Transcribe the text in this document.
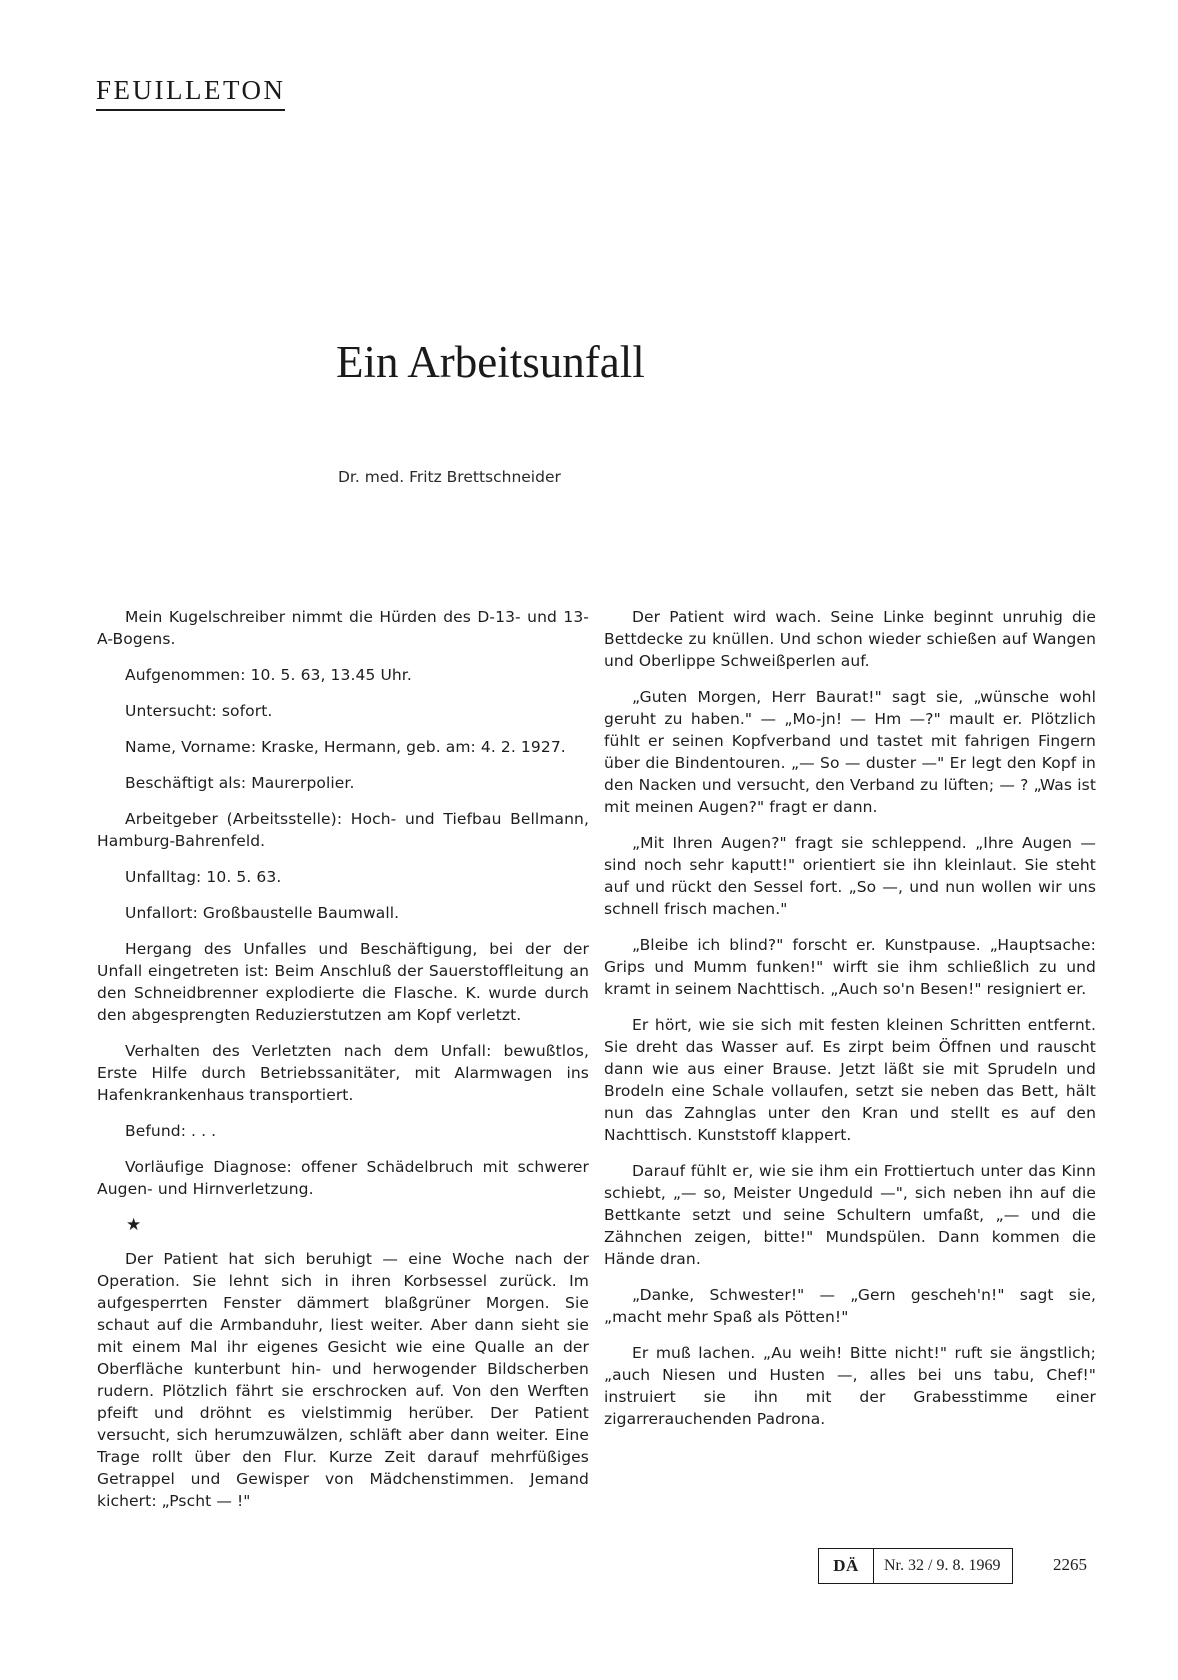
FEUILLETON
Ein Arbeitsunfall
Dr. med. Fritz Brettschneider

Mein Kugelschreiber nimmt die Hürden des D-13- und 13-A-Bogens.

Aufgenommen: 10. 5. 63, 13.45 Uhr.

Untersucht: sofort.

Name, Vorname: Kraske, Hermann, geb. am: 4. 2. 1927.

Beschäftigt als: Maurerpolier.

Arbeitgeber (Arbeitsstelle): Hoch- und Tiefbau Bellmann, Hamburg-Bahrenfeld.

Unfalltag: 10. 5. 63.

Unfallort: Großbaustelle Baumwall.

Hergang des Unfalles und Beschäftigung, bei der der Unfall eingetreten ist: Beim Anschluß der Sauerstoffleitung an den Schneidbrenner explodierte die Flasche. K. wurde durch den abgesprengten Reduzierstutzen am Kopf verletzt.

Verhalten des Verletzten nach dem Unfall: bewußtlos, Erste Hilfe durch Betriebssanitäter, mit Alarmwagen ins Hafenkrankenhaus transportiert.

Befund: . . .

Vorläufige Diagnose: offener Schädelbruch mit schwerer Augen- und Hirnverletzung.

★

Der Patient hat sich beruhigt — eine Woche nach der Operation. Sie lehnt sich in ihren Korbsessel zurück. Im aufgesperrten Fenster dämmert blaßgrüner Morgen. Sie schaut auf die Armbanduhr, liest weiter. Aber dann sieht sie mit einem Mal ihr eigenes Gesicht wie eine Qualle an der Oberfläche kunterbunt hin- und herwogender Bildscherben rudern. Plötzlich fährt sie erschrocken auf. Von den Werften pfeift und dröhnt es vielstimmig herüber. Der Patient versucht, sich herumzuwälzen, schläft aber dann weiter. Eine Trage rollt über den Flur. Kurze Zeit darauf mehrfüßiges Getrappel und Gewisper von Mädchenstimmen. Jemand kichert: „Pscht — !"

Der Patient wird wach. Seine Linke beginnt unruhig die Bettdecke zu knüllen. Und schon wieder schießen auf Wangen und Oberlippe Schweißperlen auf.

„Guten Morgen, Herr Baurat!" sagt sie, „wünsche wohl geruht zu haben." — „Mo-jn! — Hm —?" mault er. Plötzlich fühlt er seinen Kopfverband und tastet mit fahrigen Fingern über die Bindentouren. „— So — duster —" Er legt den Kopf in den Nacken und versucht, den Verband zu lüften; — ? „Was ist mit meinen Augen?" fragt er dann.

„Mit Ihren Augen?" fragt sie schleppend. „Ihre Augen — sind noch sehr kaputt!" orientiert sie ihn kleinlaut. Sie steht auf und rückt den Sessel fort. „So —, und nun wollen wir uns schnell frisch machen."

„Bleibe ich blind?" forscht er. Kunstpause. „Hauptsache: Grips und Mumm funken!" wirft sie ihm schließlich zu und kramt in seinem Nachttisch. „Auch so'n Besen!" resigniert er.

Er hört, wie sie sich mit festen kleinen Schritten entfernt. Sie dreht das Wasser auf. Es zirpt beim Öffnen und rauscht dann wie aus einer Brause. Jetzt läßt sie mit Sprudeln und Brodeln eine Schale vollaufen, setzt sie neben das Bett, hält nun das Zahnglas unter den Kran und stellt es auf den Nachttisch. Kunststoff klappert.

Darauf fühlt er, wie sie ihm ein Frottiertuch unter das Kinn schiebt, „— so, Meister Ungeduld —", sich neben ihn auf die Bettkante setzt und seine Schultern umfaßt, „— und die Zähnchen zeigen, bitte!" Mundspülen. Dann kommen die Hände dran.

„Danke, Schwester!" — „Gern gescheh'n!" sagt sie, „macht mehr Spaß als Pötten!"

Er muß lachen. „Au weih! Bitte nicht!" ruft sie ängstlich; „auch Niesen und Husten —, alles bei uns tabu, Chef!" instruiert sie ihn mit der Grabesstimme einer zigarrerauchenden Padrona.

DÄ	Nr. 32 / 9. 8. 1969	2265
